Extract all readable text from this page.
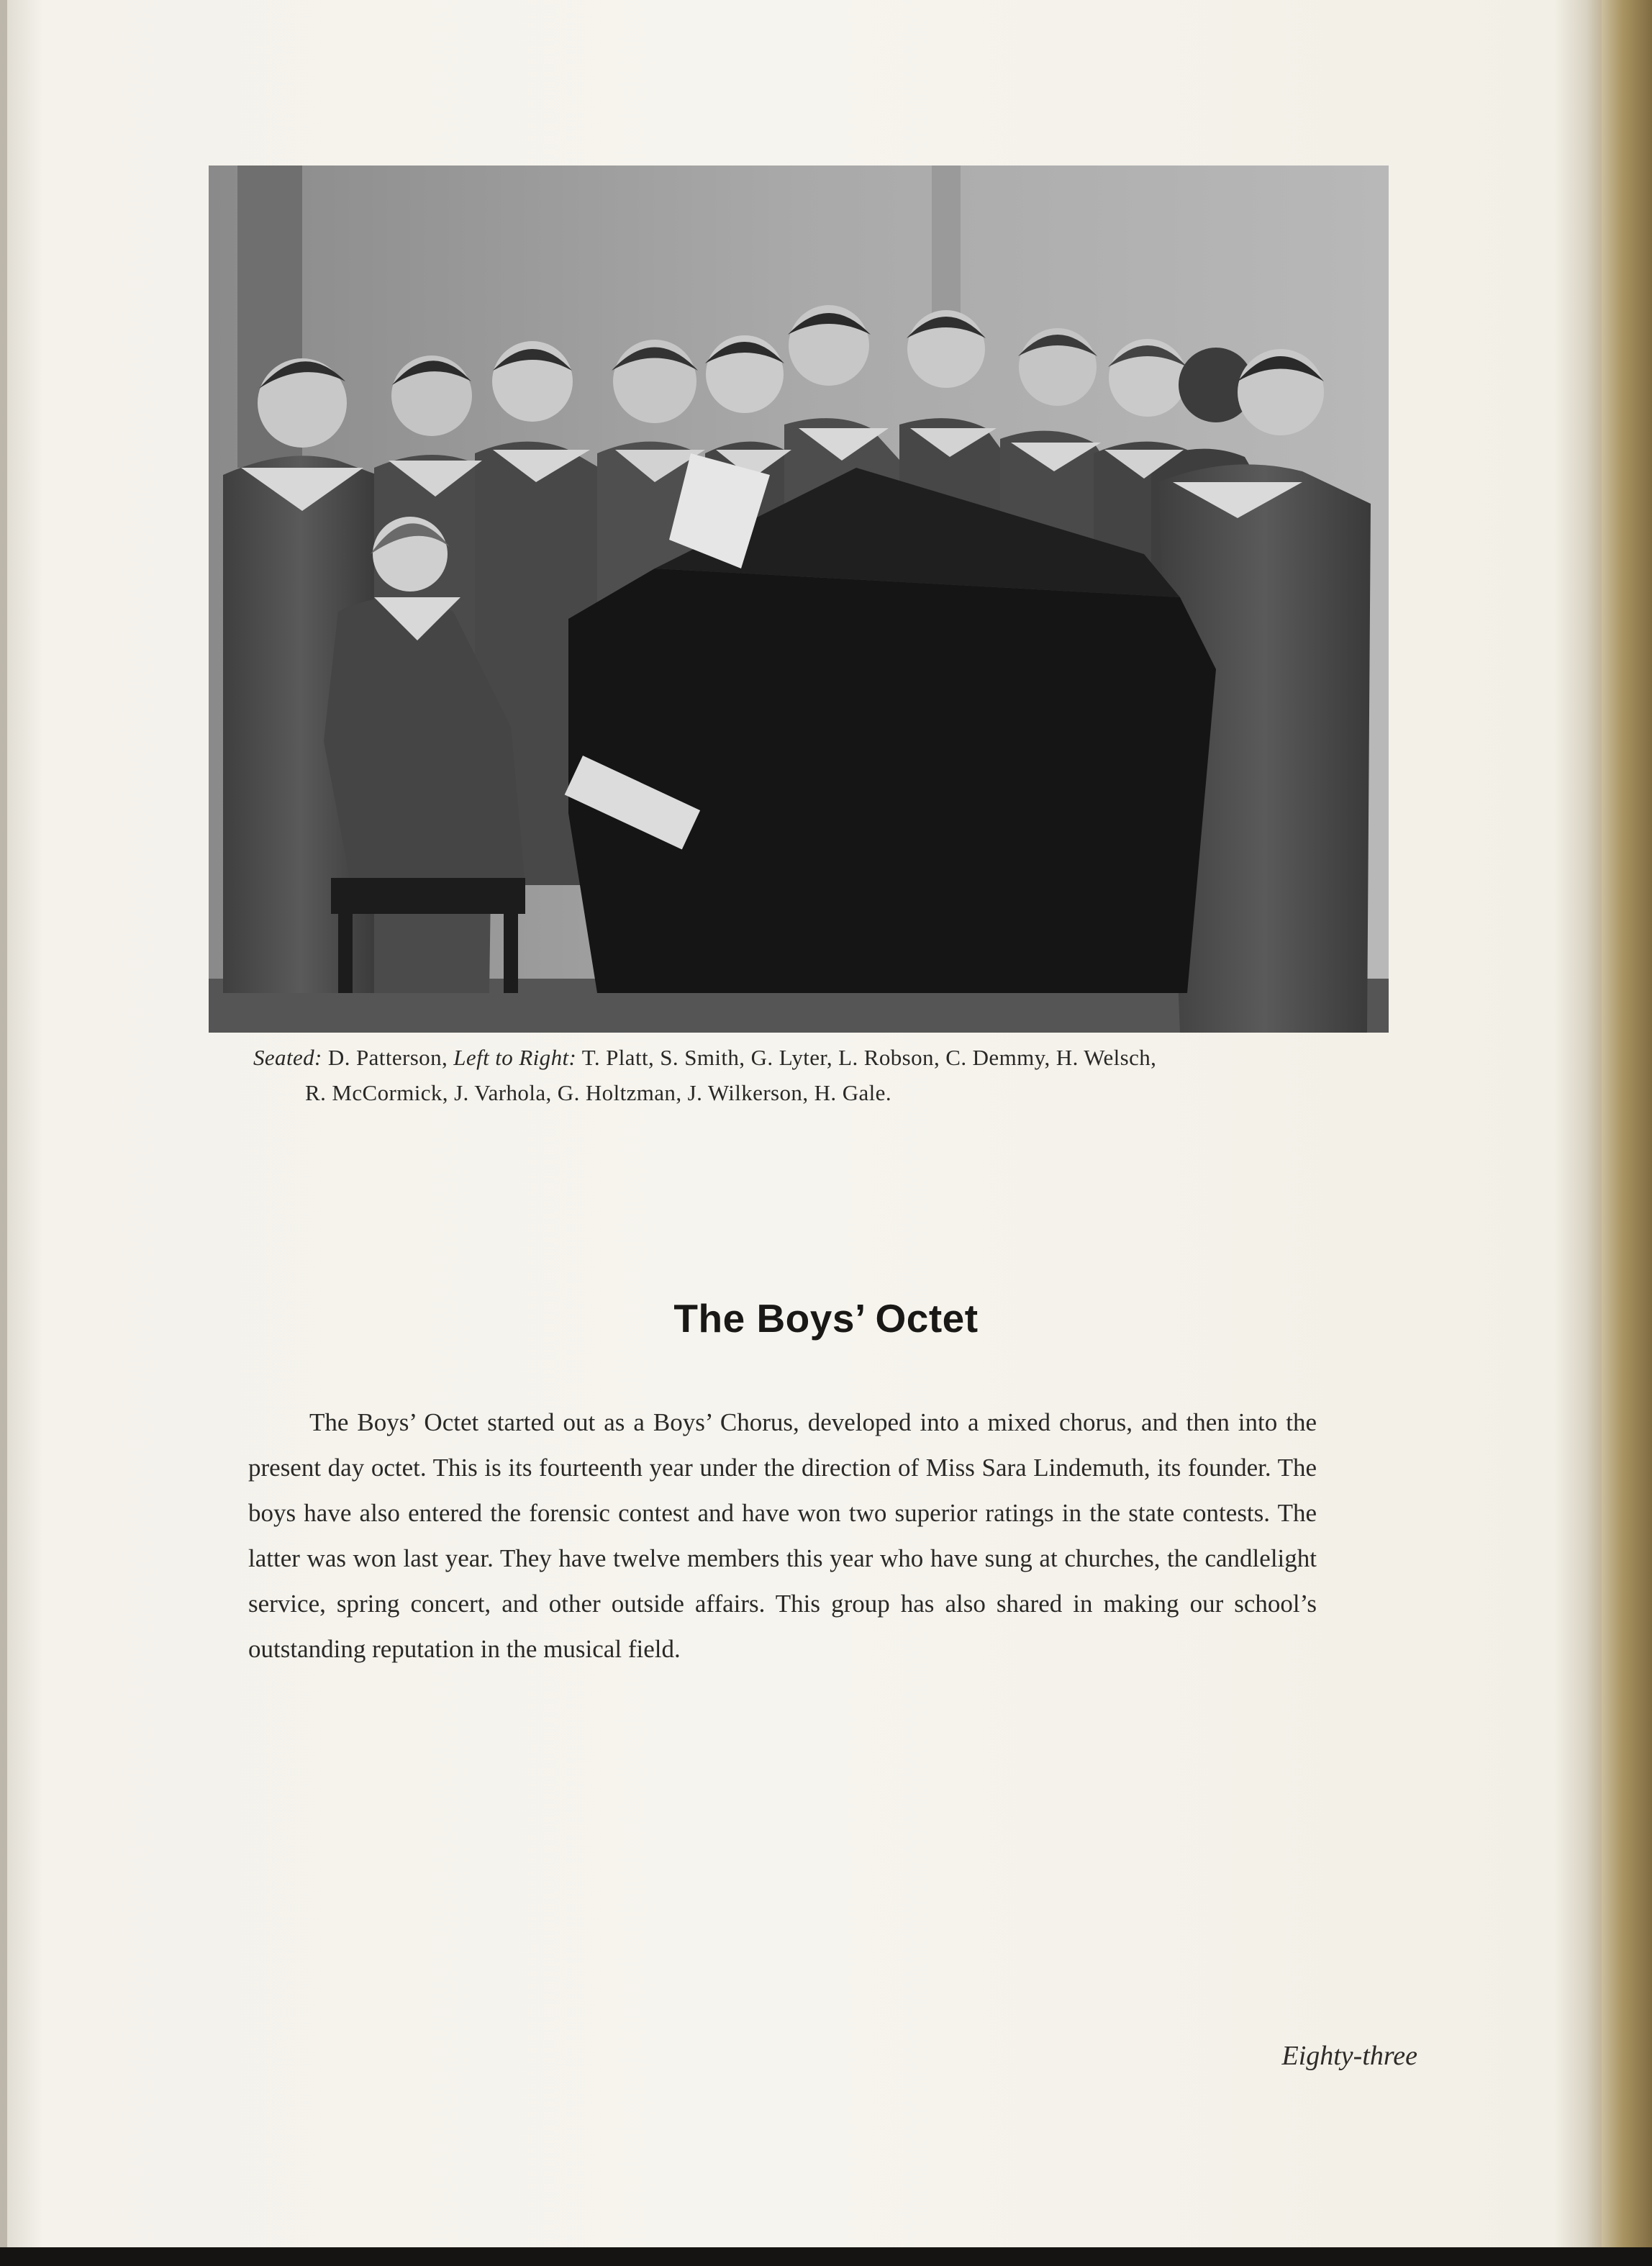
Seated: D. Patterson, Left to Right: T. Platt, S. Smith, G. Lyter, L. Robson, C. Demmy, H. Welsch,
R. McCormick, J. Varhola, G. Holtzman, J. Wilkerson, H. Gale.
The Boys’ Octet

The Boys’ Octet started out as a Boys’ Chorus, developed into a mixed chorus, and then into the present day octet. This is its fourteenth year under the direction of Miss Sara Lindemuth, its founder. The boys have also entered the forensic contest and have won two superior ratings in the state contests. The latter was won last year. They have twelve members this year who have sung at churches, the candlelight service, spring concert, and other outside affairs. This group has also shared in making our school’s outstanding reputation in the musical field.

Eighty-three
